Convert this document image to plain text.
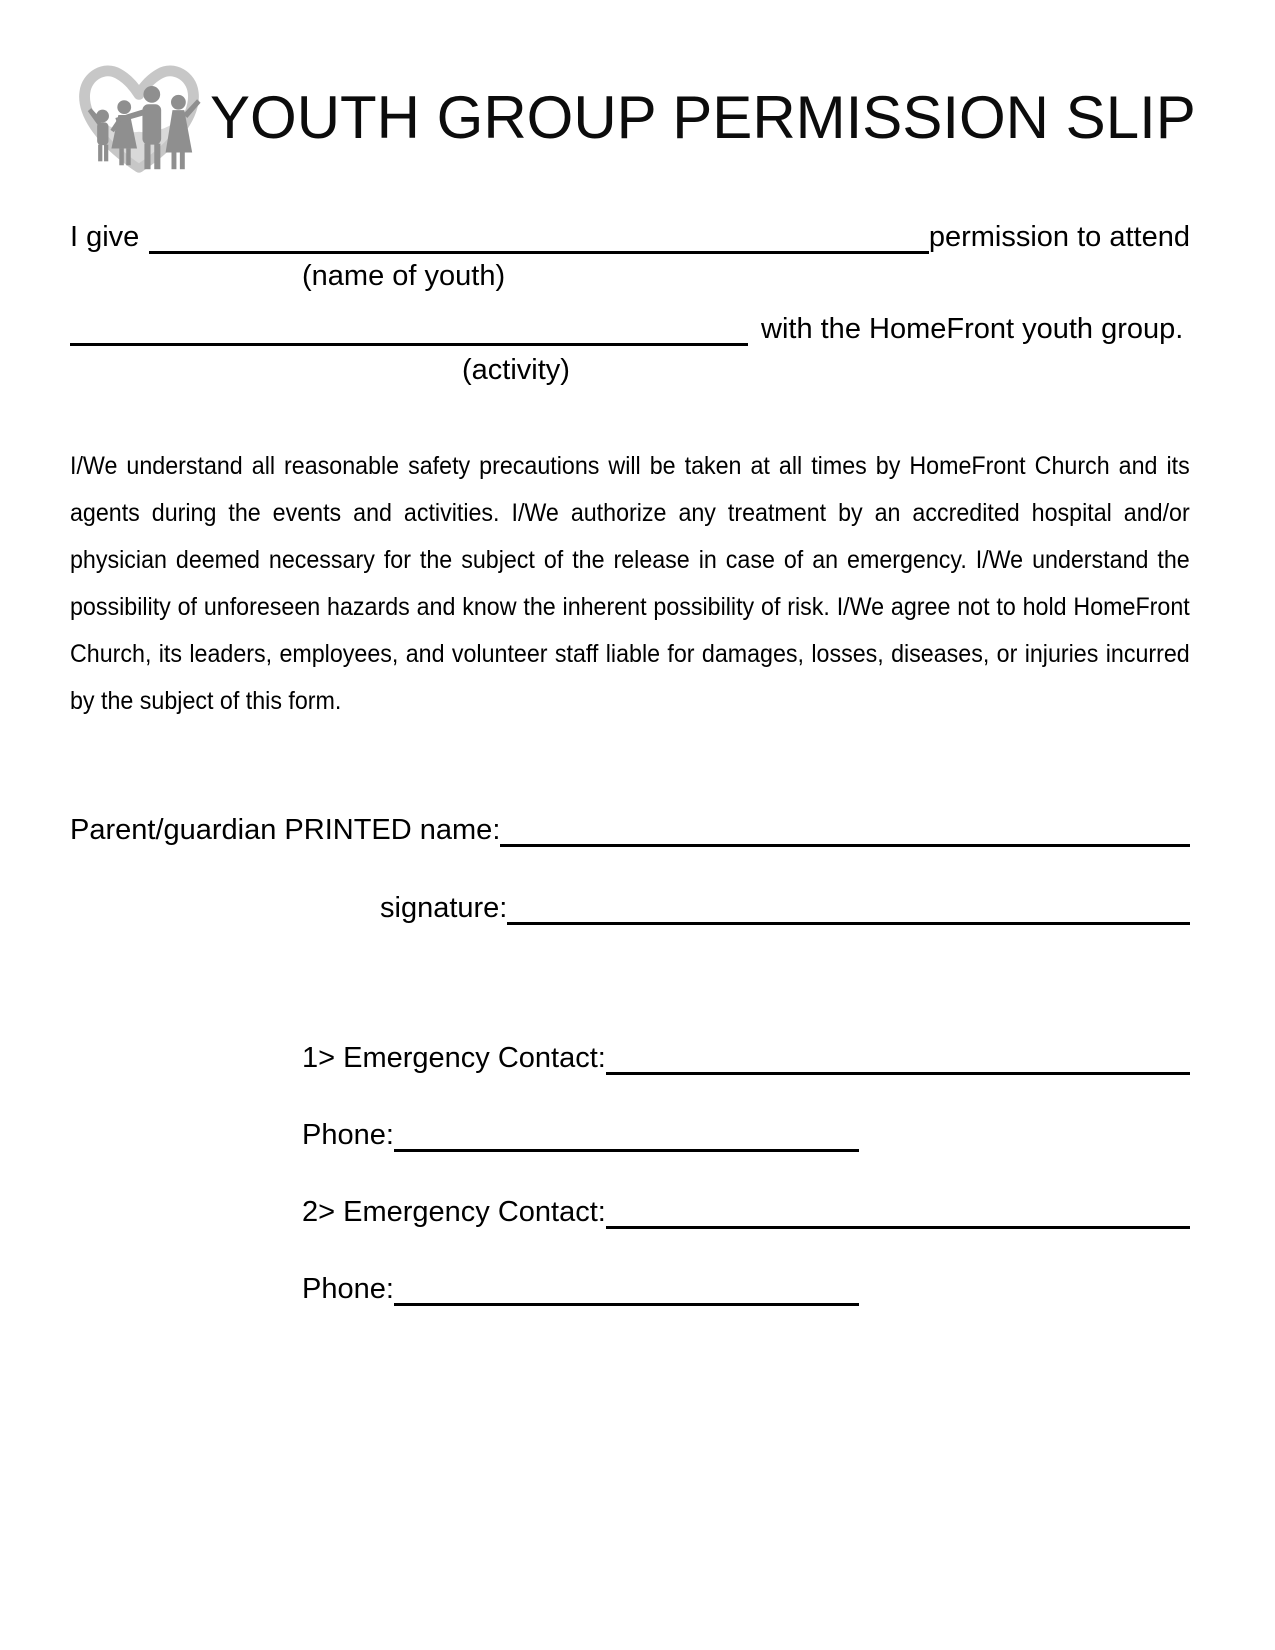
YOUTH GROUP PERMISSION SLIP
I give	permission to attend
(name of youth)
with the HomeFront youth group.
(activity)

I/We understand all reasonable safety precautions will be taken at all times by HomeFront Church and its agents during the events and activities. I/We authorize any treatment by an accredited hospital and/or physician deemed necessary for the subject of the release in case of an emergency. I/We understand the possibility of unforeseen hazards and know the inherent possibility of risk. I/We agree not to hold HomeFront Church, its leaders, employees, and volunteer staff liable for damages, losses, diseases, or injuries incurred by the subject of this form.

Parent/guardian PRINTED name:
signature:
1> Emergency Contact:
Phone:
2> Emergency Contact:
Phone:
